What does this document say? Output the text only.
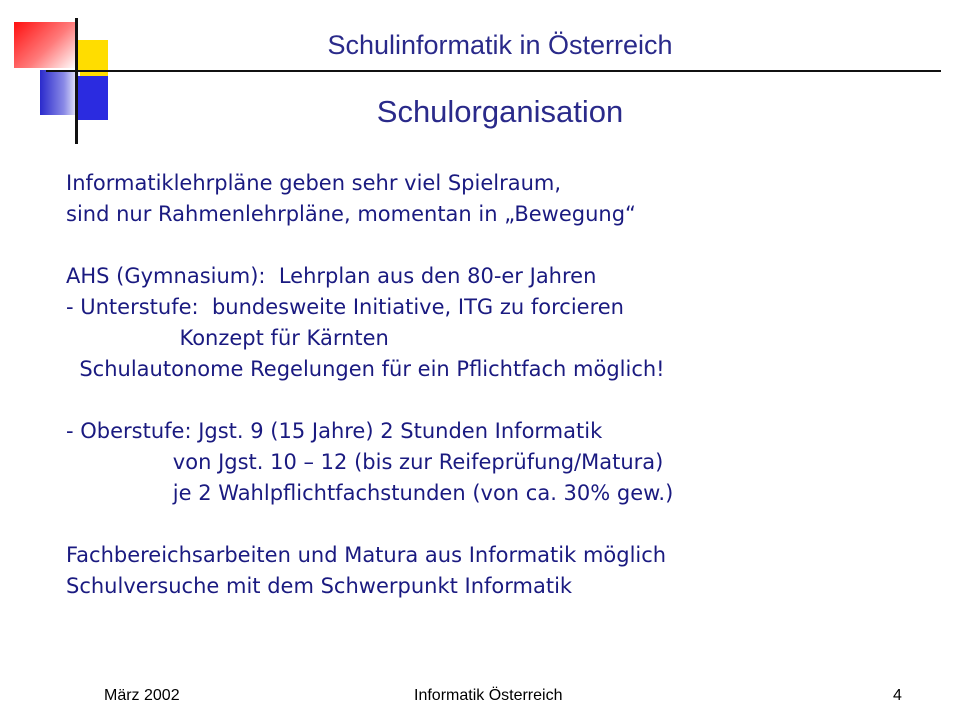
Schulinformatik in Österreich
Schulorganisation
Informatiklehrpläne geben sehr viel Spielraum,
sind nur Rahmenlehrpläne, momentan in „Bewegung“
AHS (Gymnasium):  Lehrplan aus den 80-er Jahren
- Unterstufe:  bundesweite Initiative, ITG zu forcieren
Konzept für Kärnten
Schulautonome Regelungen für ein Pflichtfach möglich!
- Oberstufe: Jgst. 9 (15 Jahre) 2 Stunden Informatik
von Jgst. 10 – 12 (bis zur Reifeprüfung/Matura)
je 2 Wahlpflichtfachstunden (von ca. 30% gew.)
Fachbereichsarbeiten und Matura aus Informatik möglich
Schulversuche mit dem Schwerpunkt Informatik
März 2002	Informatik Österreich	4
